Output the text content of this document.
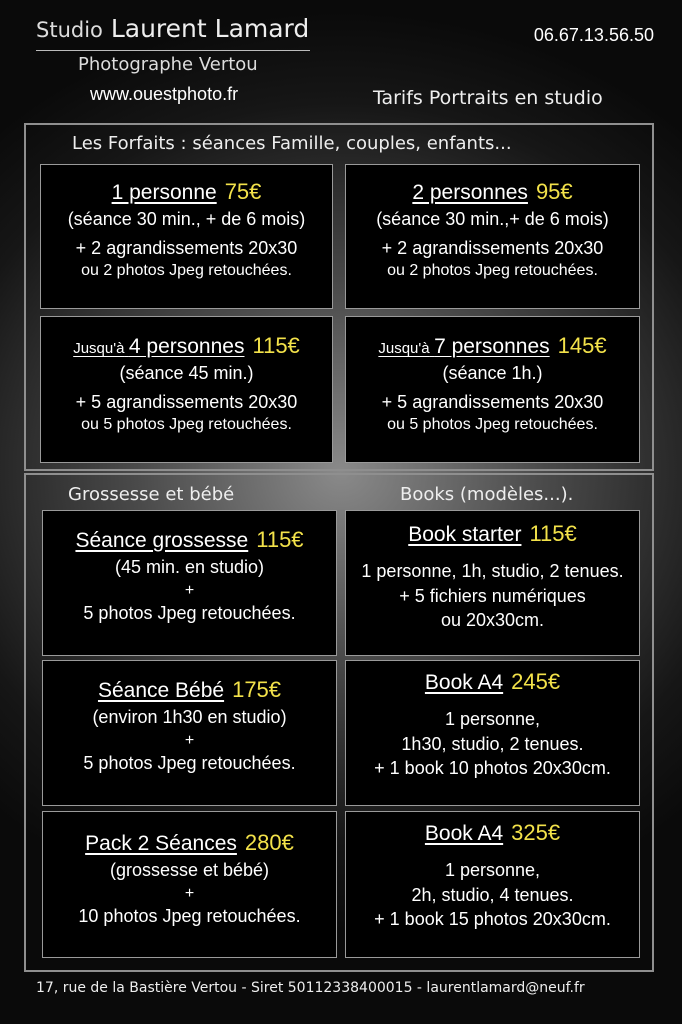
Studio Laurent Lamard
Photographe Vertou
www.ouestphoto.fr
06.67.13.56.50
Tarifs Portraits en studio
Les Forfaits : séances Famille, couples, enfants...
1 personne 75€
(séance 30 min., + de 6 mois)
+ 2 agrandissements 20x30
ou 2 photos Jpeg retouchées.
2 personnes 95€
(séance 30 min.,+ de 6 mois)
+ 2 agrandissements 20x30
ou 2 photos Jpeg retouchées.
Jusqu'à 4 personnes 115€
(séance 45 min.)
+ 5 agrandissements 20x30
ou 5 photos Jpeg retouchées.
Jusqu'à 7 personnes 145€
(séance 1h.)
+ 5 agrandissements 20x30
ou 5 photos Jpeg retouchées.
Grossesse et bébé	Books (modèles...).
Séance grossesse 115€
(45 min. en studio)
+
5 photos Jpeg retouchées.
Séance Bébé 175€
(environ 1h30 en studio)
+
5 photos Jpeg retouchées.
Pack 2 Séances 280€
(grossesse et bébé)
+
10 photos Jpeg retouchées.
Book starter 115€
1 personne, 1h, studio, 2 tenues.
+ 5 fichiers numériques
ou 20x30cm.
Book A4 245€
1 personne,
1h30, studio, 2 tenues.
+ 1 book 10 photos 20x30cm.
Book A4 325€
1 personne,
2h, studio, 4 tenues.
+ 1 book 15 photos 20x30cm.
17, rue de la Bastière Vertou - Siret 50112338400015 - laurentlamard@neuf.fr
